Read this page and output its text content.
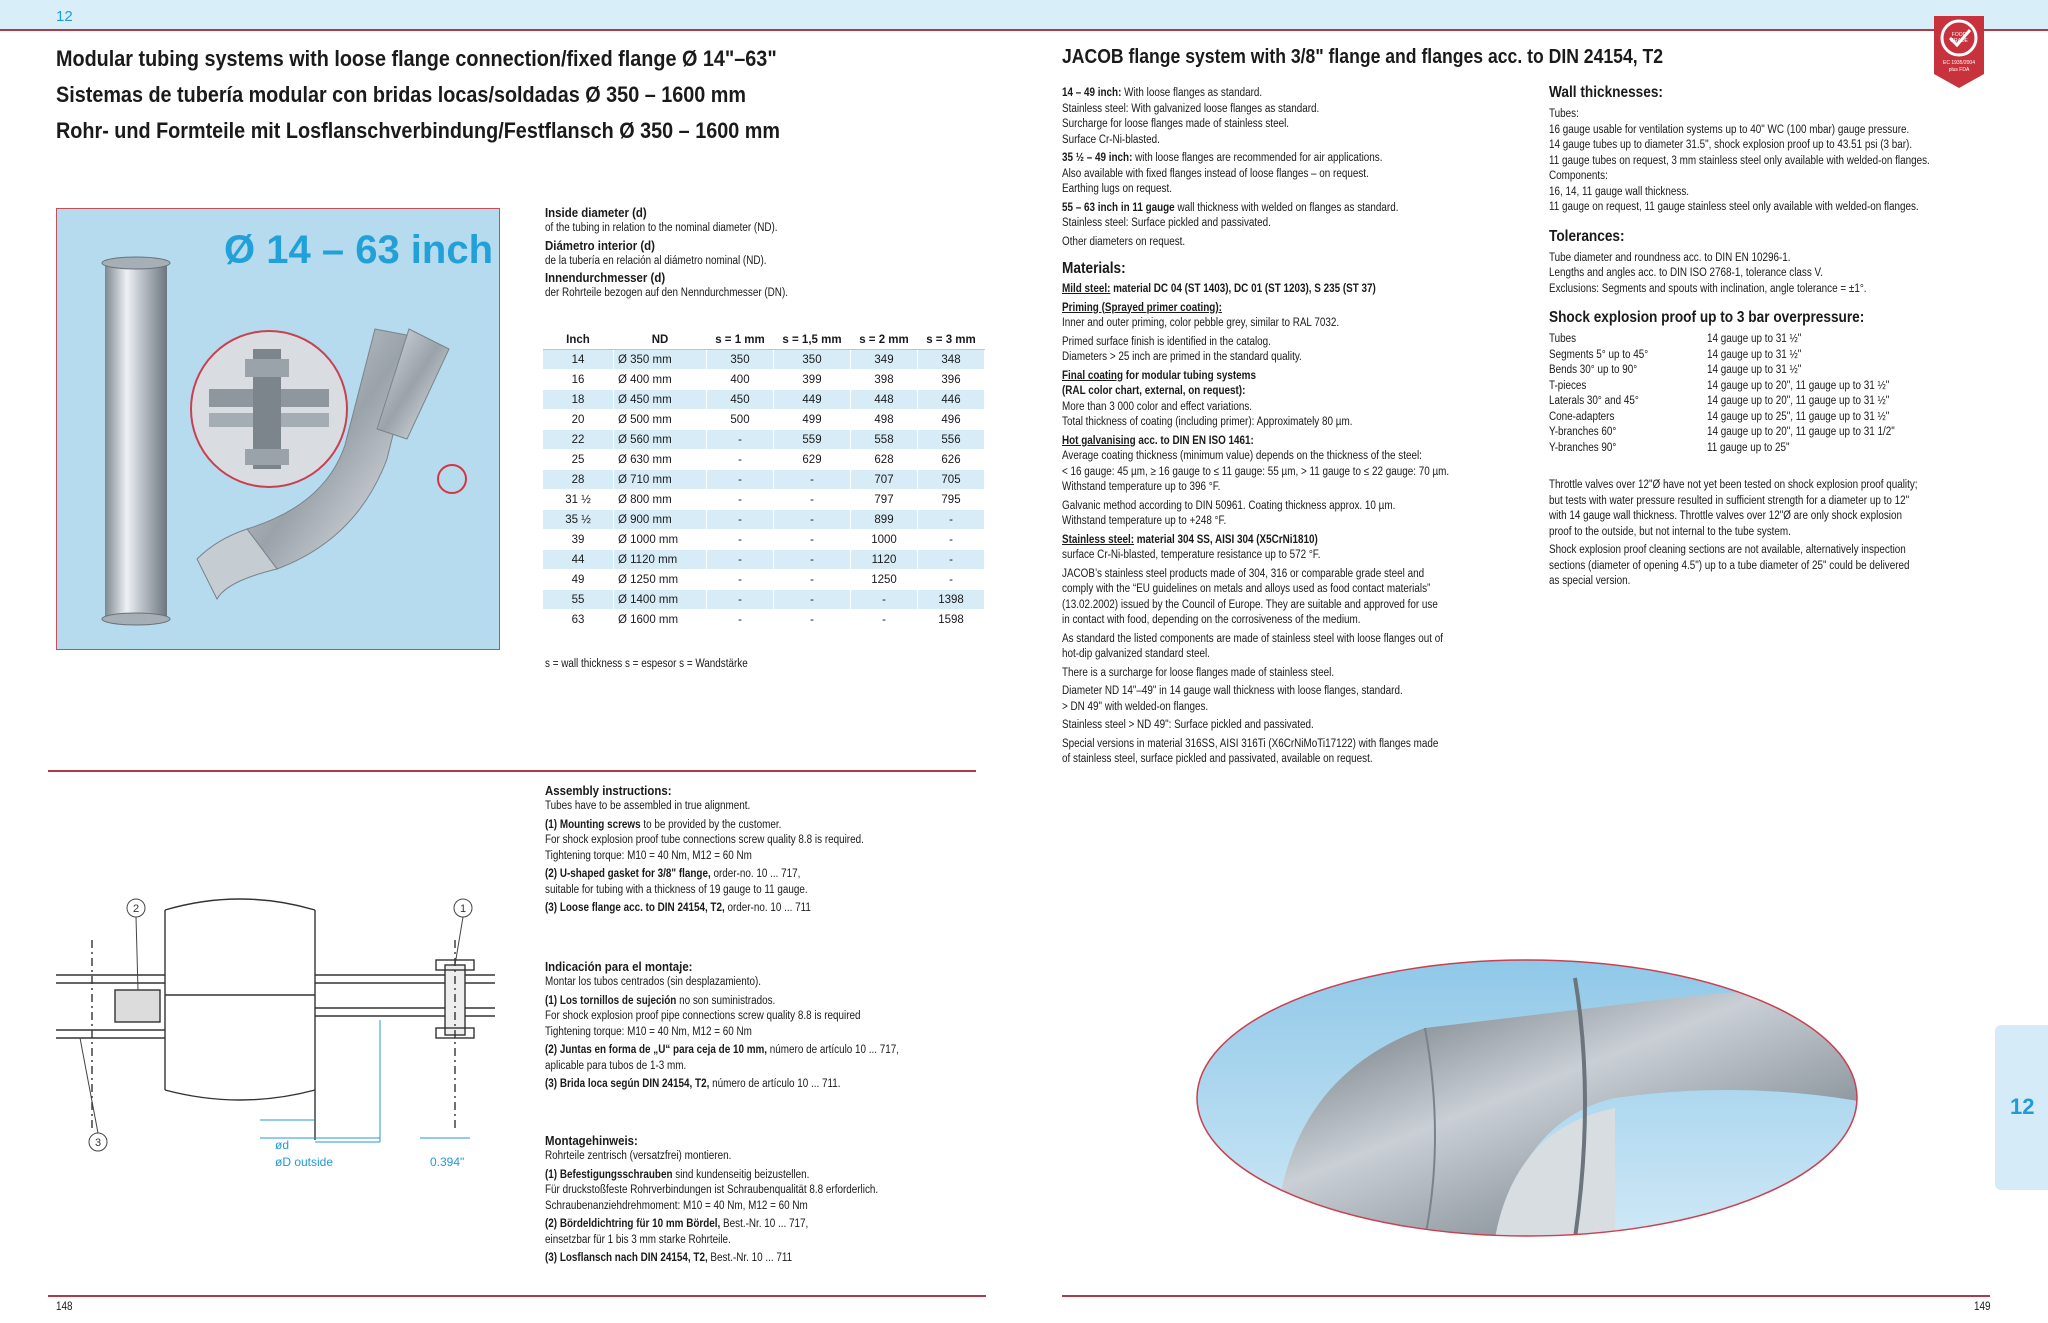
12
Modular tubing systems with loose flange connection/fixed flange Ø 14"–63"
Sistemas de tubería modular con bridas locas/soldadas Ø 350 – 1600 mm
Rohr- und Formteile mit Losflanschverbindung/Festflansch Ø 350 – 1600 mm
Ø 14 – 63 inch
Inside diameter (d)
of the tubing in relation to the nominal diameter (ND).
Diámetro interior (d)
de la tubería en relación al diámetro nominal (ND).
Innendurchmesser (d)
der Rohrteile bezogen auf den Nenndurchmesser (DN).
Inch	ND	s = 1 mm	s = 1,5 mm	s = 2 mm	s = 3 mm
14	Ø 350 mm	350	350	349	348
16	Ø 400 mm	400	399	398	396
18	Ø 450 mm	450	449	448	446
20	Ø 500 mm	500	499	498	496
22	Ø 560 mm	-	559	558	556
25	Ø 630 mm	-	629	628	626
28	Ø 710 mm	-	-	707	705
31 ½	Ø 800 mm	-	-	797	795
35 ½	Ø 900 mm	-	-	899	-
39	Ø 1000 mm	-	-	1000	-
44	Ø 1120 mm	-	-	1120	-
49	Ø 1250 mm	-	-	1250	-
55	Ø 1400 mm	-	-	-	1398
63	Ø 1600 mm	-	-	-	1598
s = wall thickness s = espesor s = Wandstärke
148	149
2	1
3	ød
øD outside	0.394"
Assembly instructions:
Tubes have to be assembled in true alignment.
(1) Mounting screws to be provided by the customer.
For shock explosion proof tube connections screw quality 8.8 is required.
Tightening torque: M10 = 40 Nm, M12 = 60 Nm
(2) U-shaped gasket for 3/8" flange, order-no. 10 ... 717,
suitable for tubing with a thickness of 19 gauge to 11 gauge.
(3) Loose flange acc. to DIN 24154, T2, order-no. 10 ... 711
Indicación para el montaje:
Montar los tubos centrados (sin desplazamiento).
(1) Los tornillos de sujeción no son suministrados.
For shock explosion proof pipe connections screw quality 8.8 is required
Tightening torque: M10 = 40 Nm, M12 = 60 Nm
(2) Juntas en forma de „U“ para ceja de 10 mm, número de artículo 10 ... 717,
aplicable para tubos de 1-3 mm.
(3) Brida loca según DIN 24154, T2, número de artículo 10 ... 711.
Montagehinweis:
Rohrteile zentrisch (versatzfrei) montieren.
(1) Befestigungsschrauben sind kundenseitig beizustellen.
Für druckstoßfeste Rohrverbindungen ist Schraubenqualität 8.8 erforderlich.
Schraubenanziehdrehmoment: M10 = 40 Nm, M12 = 60 Nm
(2) Bördeldichtring für 10 mm Bördel, Best.-Nr. 10 ... 717,
einsetzbar für 1 bis 3 mm starke Rohrteile.
(3) Losflansch nach DIN 24154, T2, Best.-Nr. 10 ... 711
JACOB flange system with 3/8" flange and flanges acc. to DIN 24154, T2
FOOD
GRADE
EC 1935/2004
plus FDA
14 – 49 inch: With loose flanges as standard.
Stainless steel: With galvanized loose flanges as standard.
Surcharge for loose flanges made of stainless steel.
Surface Cr-Ni-blasted.
35 ½ – 49 inch: with loose flanges are recommended for air applications.
Also available with fixed flanges instead of loose flanges – on request.
Earthing lugs on request.
55 – 63 inch in 11 gauge wall thickness with welded on flanges as standard.
Stainless steel: Surface pickled and passivated.
Other diameters on request.
Materials:
Mild steel: material DC 04 (ST 1403), DC 01 (ST 1203), S 235 (ST 37)
Priming (Sprayed primer coating):
Inner and outer priming, color pebble grey, similar to RAL 7032.
Primed surface finish is identified in the catalog.
Diameters > 25 inch are primed in the standard quality.
Final coating for modular tubing systems
(RAL color chart, external, on request):
More than 3 000 color and effect variations.
Total thickness of coating (including primer): Approximately 80 µm.
Hot galvanising acc. to DIN EN ISO 1461:
Average coating thickness (minimum value) depends on the thickness of the steel:
< 16 gauge: 45 µm, ≥ 16 gauge to ≤ 11 gauge: 55 µm, > 11 gauge to ≤ 22 gauge: 70 µm.
Withstand temperature up to 396 °F.
Galvanic method according to DIN 50961. Coating thickness approx. 10 µm.
Withstand temperature up to +248 °F.
Stainless steel: material 304 SS, AISI 304 (X5CrNi1810)
surface Cr-Ni-blasted, temperature resistance up to 572 °F.
JACOB’s stainless steel products made of 304, 316 or comparable grade steel and
comply with the “EU guidelines on metals and alloys used as food contact materials”
(13.02.2002) issued by the Council of Europe. They are suitable and approved for use
in contact with food, depending on the corrosiveness of the medium.
As standard the listed components are made of stainless steel with loose flanges out of
hot-dip galvanized standard steel.
There is a surcharge for loose flanges made of stainless steel.
Diameter ND 14"–49" in 14 gauge wall thickness with loose flanges, standard.
> DN 49" with welded-on flanges.
Stainless steel > ND 49": Surface pickled and passivated.
Special versions in material 316SS, AISI 316Ti (X6CrNiMoTi17122) with flanges made
of stainless steel, surface pickled and passivated, available on request.
Wall thicknesses:
Tubes:
16 gauge usable for ventilation systems up to 40" WC (100 mbar) gauge pressure.
14 gauge tubes up to diameter 31.5", shock explosion proof up to 43.51 psi (3 bar).
11 gauge tubes on request, 3 mm stainless steel only available with welded-on flanges.
Components:
16, 14, 11 gauge wall thickness.
11 gauge on request, 11 gauge stainless steel only available with welded-on flanges.
Tolerances:
Tube diameter and roundness acc. to DIN EN 10296-1.
Lengths and angles acc. to DIN ISO 2768-1, tolerance class V.
Exclusions: Segments and spouts with inclination, angle tolerance = ±1°.
Shock explosion proof up to 3 bar overpressure:
Tubes	14 gauge up to 31 ½"
Segments 5° up to 45°	14 gauge up to 31 ½"
Bends 30° up to 90°	14 gauge up to 31 ½"
T-pieces	14 gauge up to 20", 11 gauge up to 31 ½"
Laterals 30° and 45°	14 gauge up to 20", 11 gauge up to 31 ½"
Cone-adapters	14 gauge up to 25", 11 gauge up to 31 ½"
Y-branches 60°	14 gauge up to 20", 11 gauge up to 31 1/2"
Y-branches 90°	11 gauge up to 25"
Throttle valves over 12"Ø have not yet been tested on shock explosion proof quality;
but tests with water pressure resulted in sufficient strength for a diameter up to 12"
with 14 gauge wall thickness. Throttle valves over 12"Ø are only shock explosion
proof to the outside, but not internal to the tube system.
Shock explosion proof cleaning sections are not available, alternatively inspection
sections (diameter of opening 4.5") up to a tube diameter of 25" could be delivered
as special version.
12
